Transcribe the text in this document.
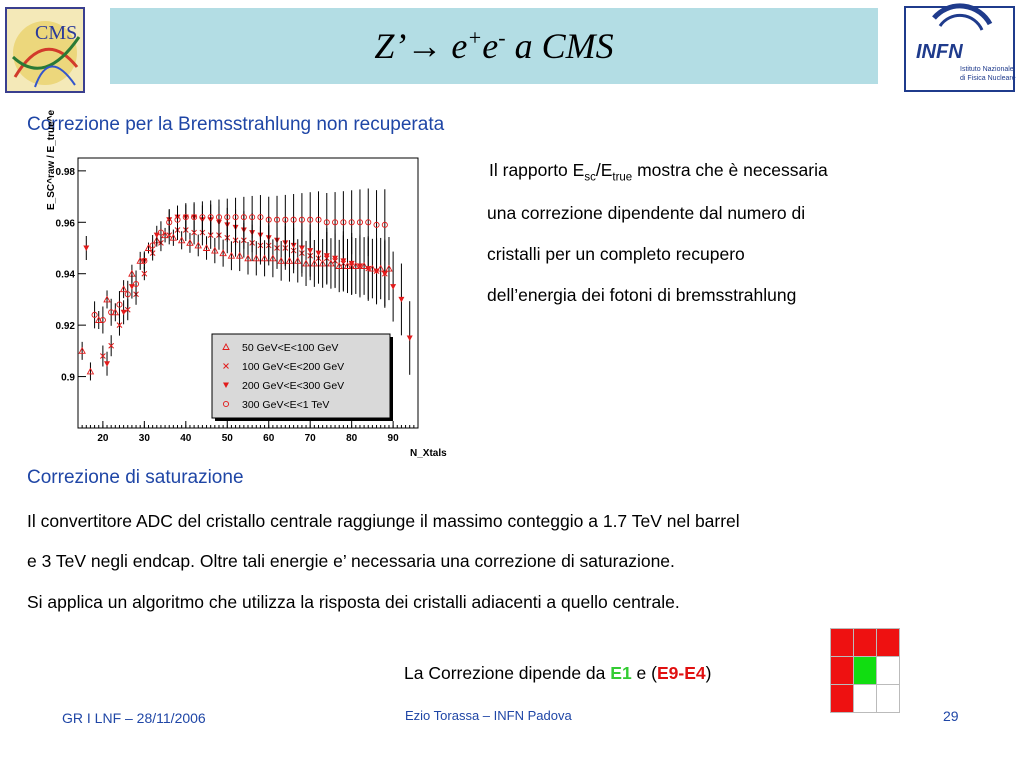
CMS	Z’→ e+e- a CMS	INFN
Istituto Nazionale
di Fisica Nucleare
Correzione per la Bremsstrahlung non recuperata
20	30	40	50	60	70	80	90
0.9
0.92
0.94
0.96
0.98
N_Xtals
E_SC^raw / E_true^e
50 GeV<E<100 GeV
100 GeV<E<200 GeV
200 GeV<E<300 GeV
300 GeV<E<1 TeV
Il rapporto $E_{sc}/E_{true}$ mostra che è necessaria
una correzione dipendente dal numero di
cristalli per un completo recupero
dell’energia dei fotoni di bremsstrahlung
Correzione di saturazione
Il convertitore ADC del cristallo centrale raggiunge il massimo conteggio a 1.7 TeV nel barrel
e 3 TeV negli endcap. Oltre tali energie e’ necessaria una correzione di saturazione.
Si applica un algoritmo che utilizza la risposta dei cristalli adiacenti a quello centrale.
La Correzione dipende da E1 e (E9-E4)
GR I LNF – 28/11/2006	Ezio Torassa – INFN Padova	29
